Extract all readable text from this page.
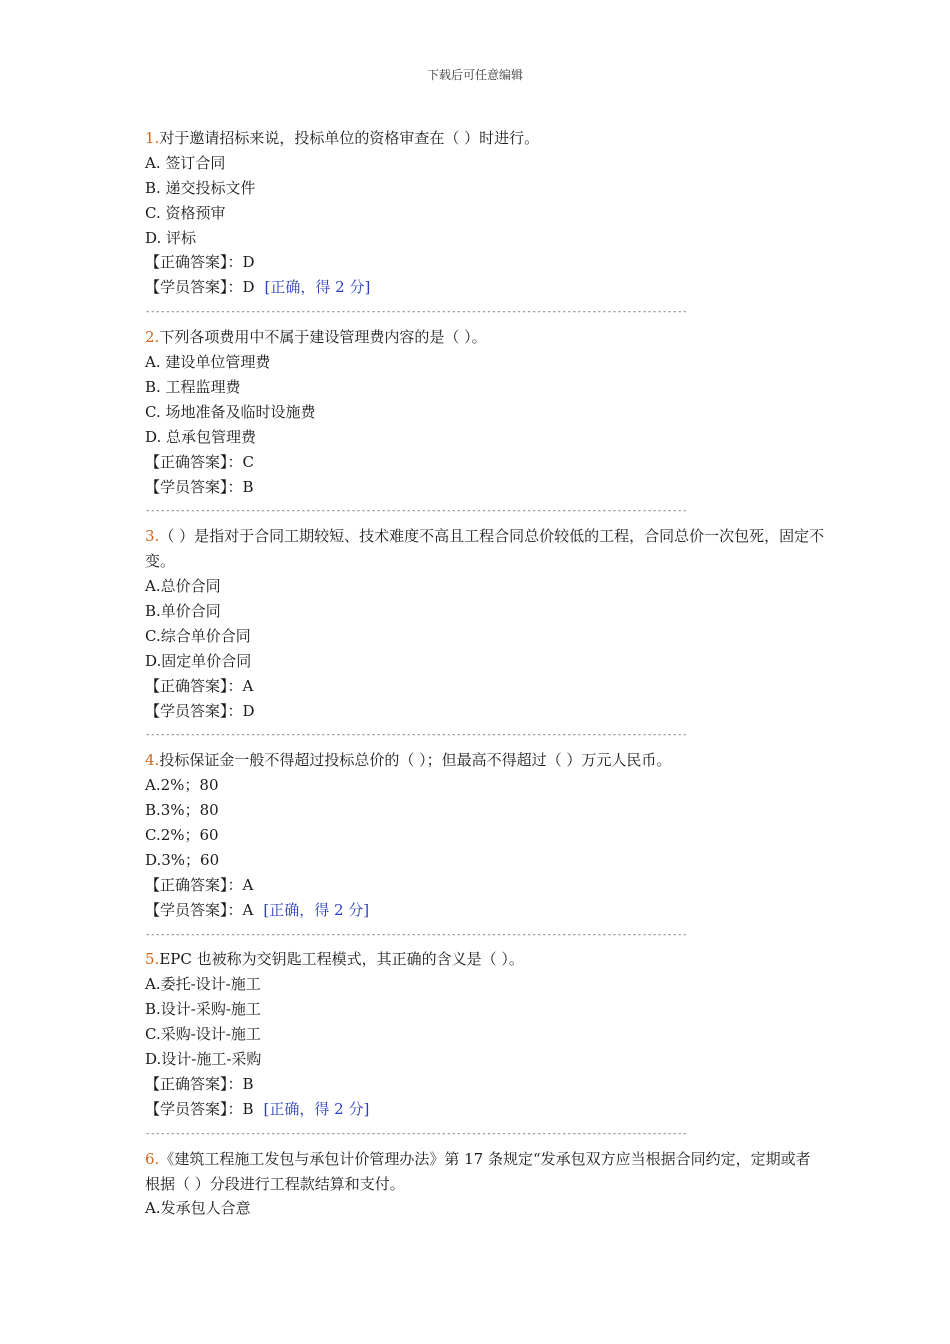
下载后可任意编辑
1.对于邀请招标来说，投标单位的资格审查在（ ）时进行。
A. 签订合同
B. 递交投标文件
C. 资格预审
D. 评标
【正确答案】：D
【学员答案】：D [正确，得 2 分]
------------------------------------------------------------------------------------------------------------
2.下列各项费用中不属于建设管理费内容的是（ ）。
A. 建设单位管理费
B. 工程监理费
C. 场地准备及临时设施费
D. 总承包管理费
【正确答案】：C
【学员答案】：B
------------------------------------------------------------------------------------------------------------
3.（ ）是指对于合同工期较短、技术难度不高且工程合同总价较低的工程，合同总价一次包死，固定不变。
A.总价合同
B.单价合同
C.综合单价合同
D.固定单价合同
【正确答案】：A
【学员答案】：D
------------------------------------------------------------------------------------------------------------
4.投标保证金一般不得超过投标总价的（ ）；但最高不得超过（ ）万元人民币。
A.2%；80
B.3%；80
C.2%；60
D.3%；60
【正确答案】：A
【学员答案】：A [正确，得 2 分]
------------------------------------------------------------------------------------------------------------
5.EPC 也被称为交钥匙工程模式，其正确的含义是（ ）。
A.委托-设计-施工
B.设计-采购-施工
C.采购-设计-施工
D.设计-施工-采购
【正确答案】：B
【学员答案】：B [正确，得 2 分]
------------------------------------------------------------------------------------------------------------
6.《建筑工程施工发包与承包计价管理办法》第 17 条规定“发承包双方应当根据合同约定，定期或者根据（ ）分段进行工程款结算和支付。
A.发承包人合意
